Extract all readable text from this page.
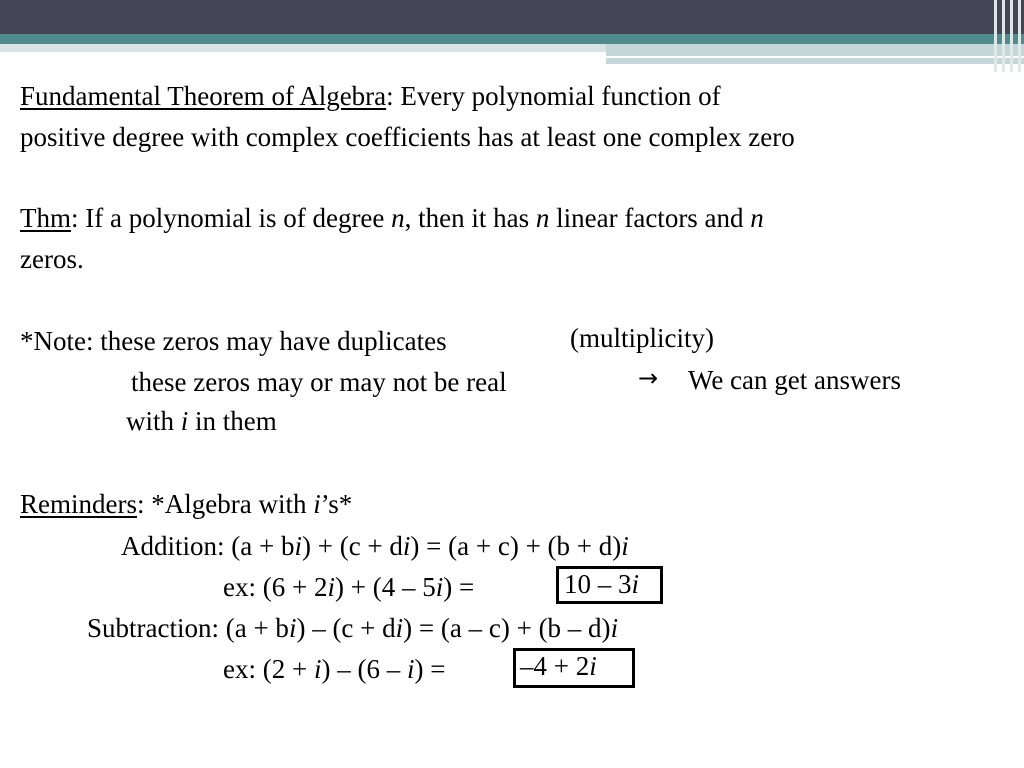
Fundamental Theorem of Algebra: Every polynomial function of
positive degree with complex coefficients has at least one complex zero
Thm: If a polynomial is of degree n, then it has n linear factors and n
zeros.
*Note: these zeros may have duplicates	(multiplicity)
these zeros may or may not be real	→ We can get answers
with i in them
Reminders: *Algebra with i’s*
Addition: (a + bi) + (c + di) = (a + c) + (b + d)i
ex: (6 + 2i) + (4 – 5i) =	10 – 3i
Subtraction: (a + bi) – (c + di) = (a – c) + (b – d)i
ex: (2 + i) – (6 – i) =	–4 + 2i
